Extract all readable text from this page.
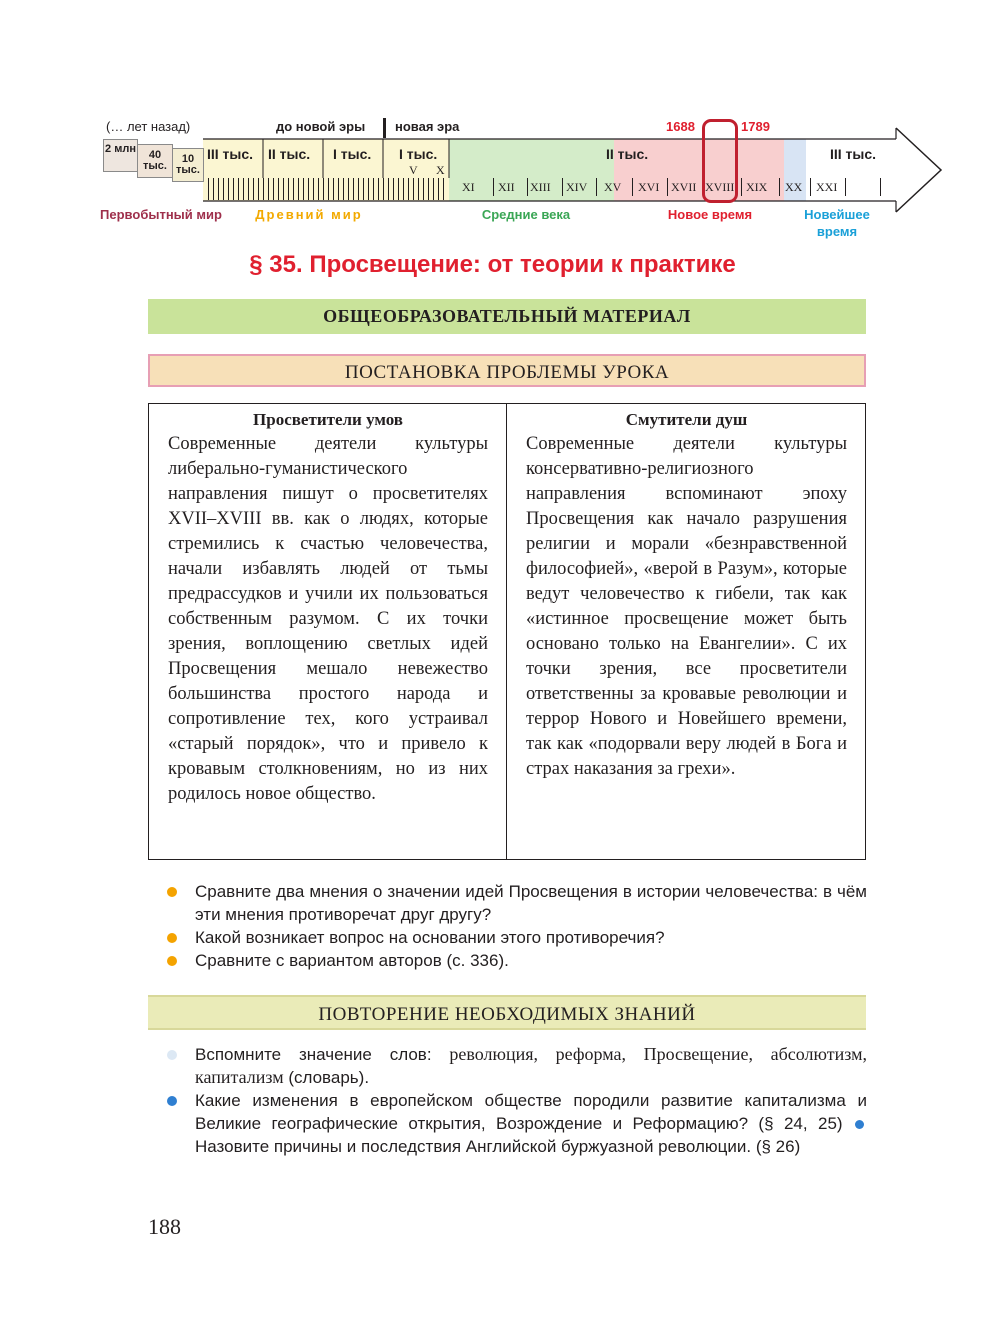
(… лет назад)	до новой эры новая эра	1688	1789
2 млн	40 тыс.
10 тыс.
III тыс. II тыс. I тыс. I тыс.	II тыс.	III тыс.
V X
XI XII XIII XIV XV XVI XVII XVIII XIX XX XXI
Первобытный мир	Древний мир	Средние века	Новое время	Новейшее время
§ 35. Просвещение: от теории к практике
ОБЩЕОБРАЗОВАТЕЛЬНЫЙ МАТЕРИАЛ
ПОСТАНОВКА ПРОБЛЕМЫ УРОКА
Просветители умов

Современные деятели культуры либерально-гуманистического направления пишут о просветителях XVII–XVIII вв. как о людях, которые стремились к счастью человечества, начали избавлять людей от тьмы предрассудков и учили их пользоваться собственным разумом. С их точки зрения, воплощению светлых идей Просвещения мешало невежество большинства простого народа и сопротивление тех, кого устраивал «старый порядок», что и привело к кровавым столкновениям, но из них родилось новое общество.

Смутители душ

Современные деятели культуры консервативно-религиозного направления вспоминают эпоху Просвещения как начало разрушения религии и морали «безнравственной философией», «верой в Разум», которые ведут человечество к гибели, так как «истинное просвещение может быть основано только на Евангелии». С их точки зрения, все просветители ответственны за кровавые революции и террор Нового и Новейшего времени, так как «подорвали веру людей в Бога и страх наказания за грехи».

Сравните два мнения о значении идей Просвещения в истории человечества: в чём эти мнения противоречат друг другу?
Какой возникает вопрос на основании этого противоречия?
Сравните с вариантом авторов (с. 336).
ПОВТОРЕНИЕ НЕОБХОДИМЫХ ЗНАНИЙ
Вспомните значение слов: революция, реформа, Просвещение, абсолютизм, капитализм (словарь).
Какие изменения в европейском обществе породили развитие капитализма и Великие географические открытия, Возрождение и Реформацию? (§ 24, 25) Назовите причины и последствия Английской буржуазной революции. (§ 26)
188
